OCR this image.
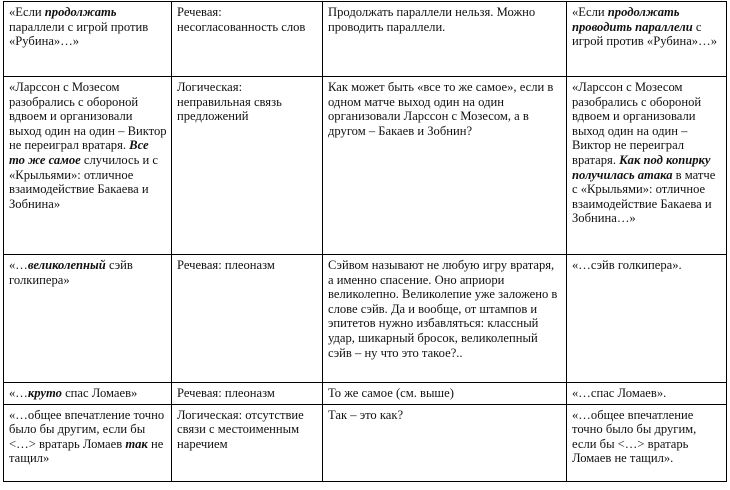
«Если продолжать параллели с игрой против «Рубина»…»	Речевая: несогласованность слов	Продолжать параллели нельзя. Можно проводить параллели.	«Если продолжать проводить параллели с игрой против «Рубина»…»

«Ларссон с Мозесом разобрались с обороной вдвоем и организовали выход один на один – Виктор не переиграл вратаря. Все то же самое случилось и с «Крыльями»: отличное взаимодействие Бакаева и Зобнина»	Логическая: неправильная связь предложений	Как может быть «все то же самое», если в одном матче выход один на один организовали Ларссон с Мозесом, а в другом – Бакаев и Зобнин?	«Ларссон с Мозесом разобрались с обороной вдвоем и организовали выход один на один – Виктор не переиграл вратаря. Как под копирку получилась атака в матче с «Крыльями»: отличное взаимодействие Бакаева и Зобнина…»

«…великолепный сэйв голкипера»	Речевая: плеоназм	Сэйвом называют не любую игру вратаря, а именно спасение. Оно априори великолепно. Великолепие уже заложено в слове сэйв. Да и вообще, от штампов и эпитетов нужно избавляться: классный удар, шикарный бросок, великолепный сэйв – ну что это такое?..	«…сэйв голкипера».

«…круто спас Ломаев»	Речевая: плеоназм	То же самое (см. выше)	«…спас Ломаев».

«…общее впечатление точно было бы другим, если бы <…> вратарь Ломаев так не тащил»	Логическая: отсутствие связи с местоименным наречием	Так – это как?	«…общее впечатление точно было бы другим, если бы <…> вратарь Ломаев не тащил».
